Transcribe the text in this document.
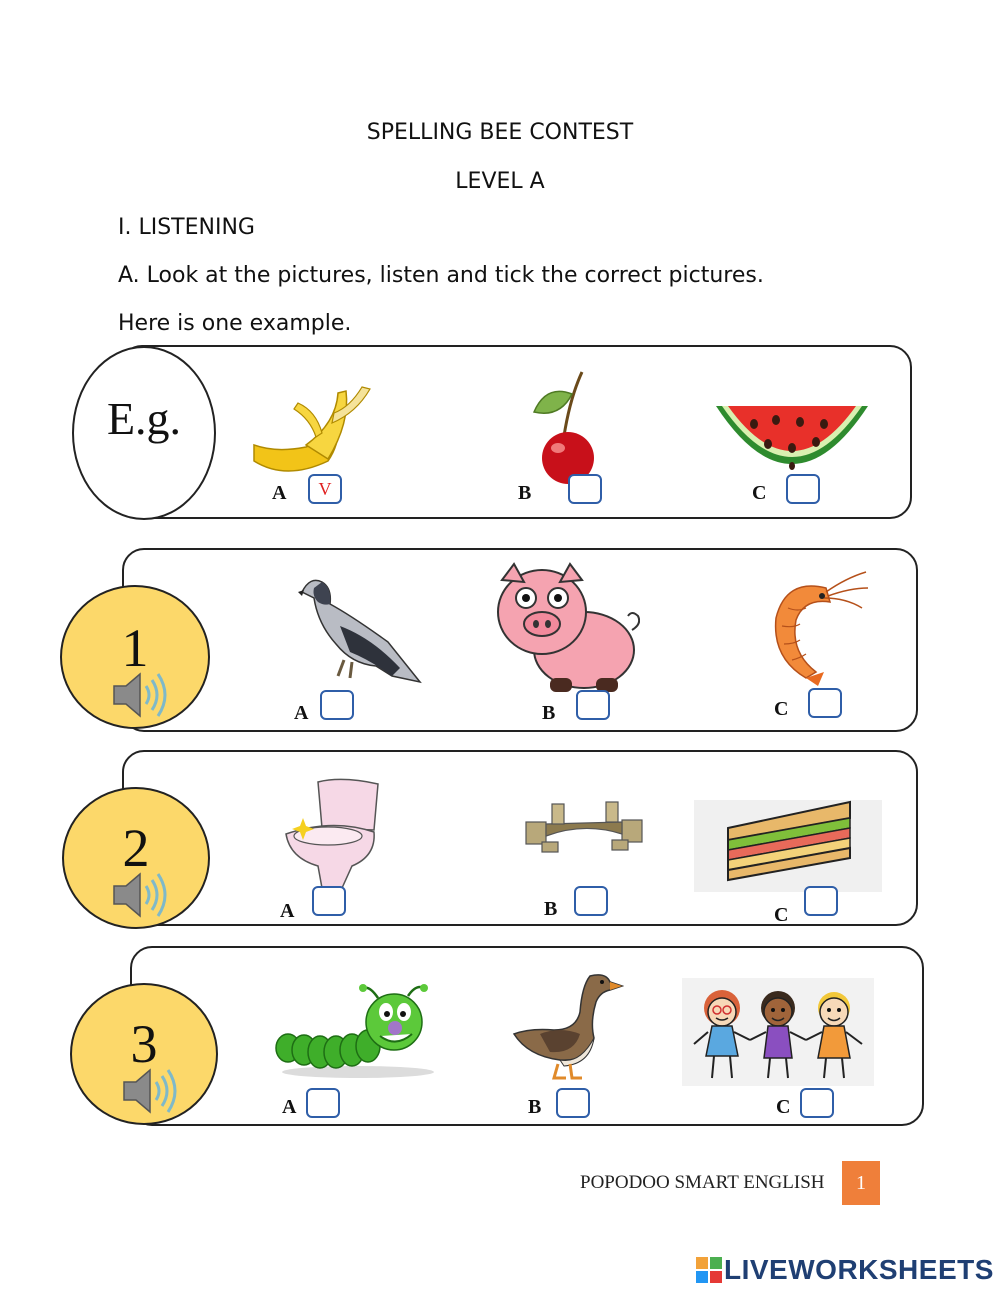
SPELLING BEE CONTEST
LEVEL A
I. LISTENING
A. Look at the pictures, listen and tick the correct pictures.
Here is one example.
E.g.
A	V	B	C
1
A	B	C
2
A	B	C
3
A	B	C
POPODOO SMART ENGLISH	1
LIVEWORKSHEETS
